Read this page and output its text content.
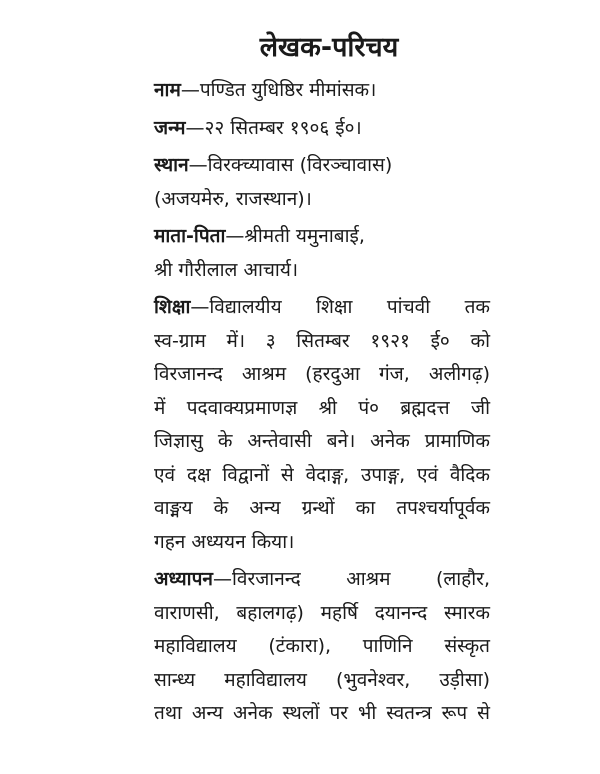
लेखक-परिचय
नाम—पण्डित युधिष्ठिर मीमांसक।
जन्म—२२ सितम्बर १९०६ ई०।
स्थान—विरक्च्यावास (विरञ्चावास)
(अजयमेरु, राजस्थान)।
माता-पिता—श्रीमती यमुनाबाई,
श्री गौरीलाल आचार्य।
शिक्षा—विद्यालयीय शिक्षा पांचवी तक
स्व-ग्राम में। ३ सितम्बर १९२१ ई० को
विरजानन्द आश्रम (हरदुआ गंज, अलीगढ़)
में पदवाक्यप्रमाणज्ञ श्री पं० ब्रह्मदत्त जी
जिज्ञासु के अन्तेवासी बने। अनेक प्रामाणिक
एवं दक्ष विद्वानों से वेदाङ्ग, उपाङ्ग, एवं वैदिक
वाङ्मय के अन्य ग्रन्थों का तपश्चर्यापूर्वक
गहन अध्ययन किया।
अध्यापन—विरजानन्द आश्रम (लाहौर,
वाराणसी, बहालगढ़) महर्षि दयानन्द स्मारक
महाविद्यालय (टंकारा), पाणिनि संस्कृत
सान्ध्य महाविद्यालय (भुवनेश्वर, उड़ीसा)
तथा अन्य अनेक स्थलों पर भी स्वतन्त्र रूप से
